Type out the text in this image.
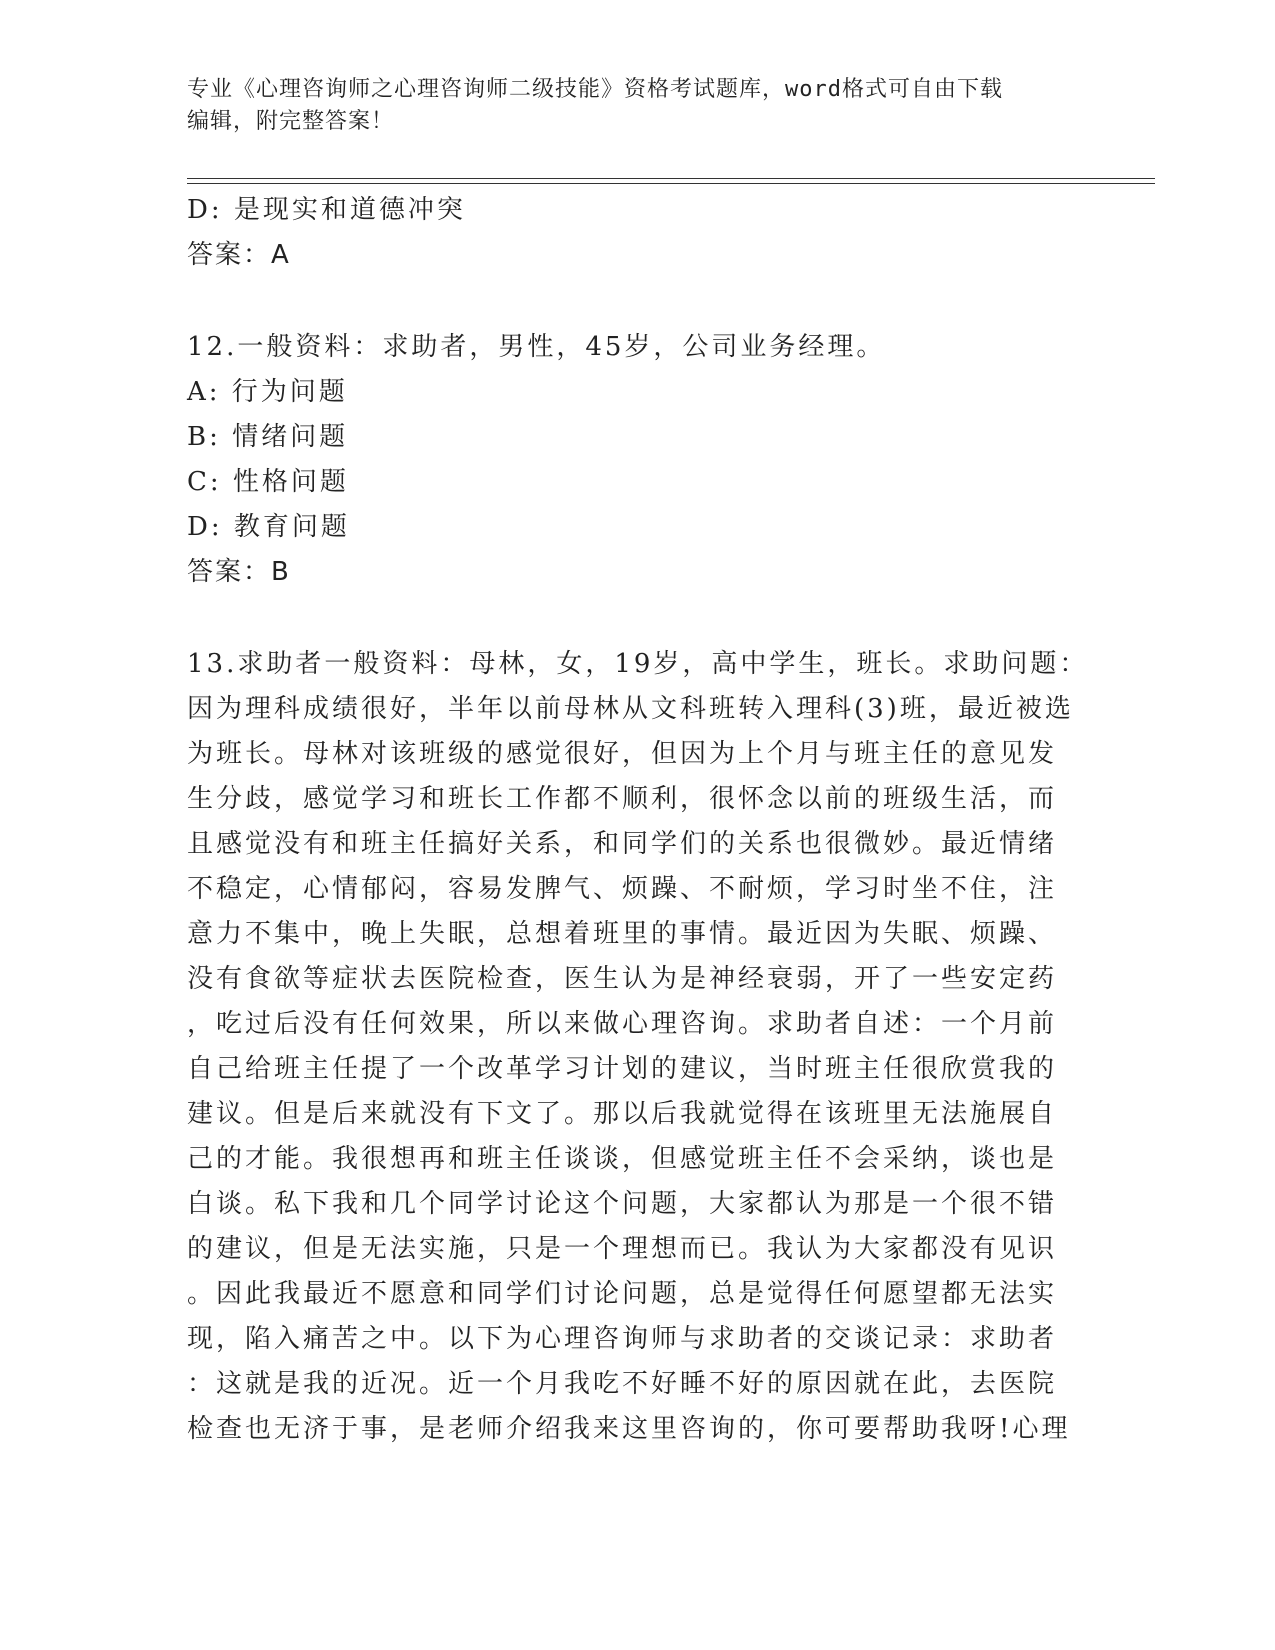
专业《心理咨询师之心理咨询师二级技能》资格考试题库，word格式可自由下载
编辑，附完整答案！
D: 是现实和道德冲突
答案：A
12.一般资料：求助者，男性，45岁，公司业务经理。
A: 行为问题
B: 情绪问题
C: 性格问题
D: 教育问题
答案：B
13.求助者一般资料：母林，女，19岁，高中学生，班长。求助问题：
因为理科成绩很好，半年以前母林从文科班转入理科(3)班，最近被选
为班长。母林对该班级的感觉很好，但因为上个月与班主任的意见发
生分歧，感觉学习和班长工作都不顺利，很怀念以前的班级生活，而
且感觉没有和班主任搞好关系，和同学们的关系也很微妙。最近情绪
不稳定，心情郁闷，容易发脾气、烦躁、不耐烦，学习时坐不住，注
意力不集中，晚上失眠，总想着班里的事情。最近因为失眠、烦躁、
没有食欲等症状去医院检查，医生认为是神经衰弱，开了一些安定药
，吃过后没有任何效果，所以来做心理咨询。求助者自述：一个月前
自己给班主任提了一个改革学习计划的建议，当时班主任很欣赏我的
建议。但是后来就没有下文了。那以后我就觉得在该班里无法施展自
己的才能。我很想再和班主任谈谈，但感觉班主任不会采纳，谈也是
白谈。私下我和几个同学讨论这个问题，大家都认为那是一个很不错
的建议，但是无法实施，只是一个理想而已。我认为大家都没有见识
。因此我最近不愿意和同学们讨论问题，总是觉得任何愿望都无法实
现，陷入痛苦之中。以下为心理咨询师与求助者的交谈记录：求助者
：这就是我的近况。近一个月我吃不好睡不好的原因就在此，去医院
检查也无济于事，是老师介绍我来这里咨询的，你可要帮助我呀!心理
